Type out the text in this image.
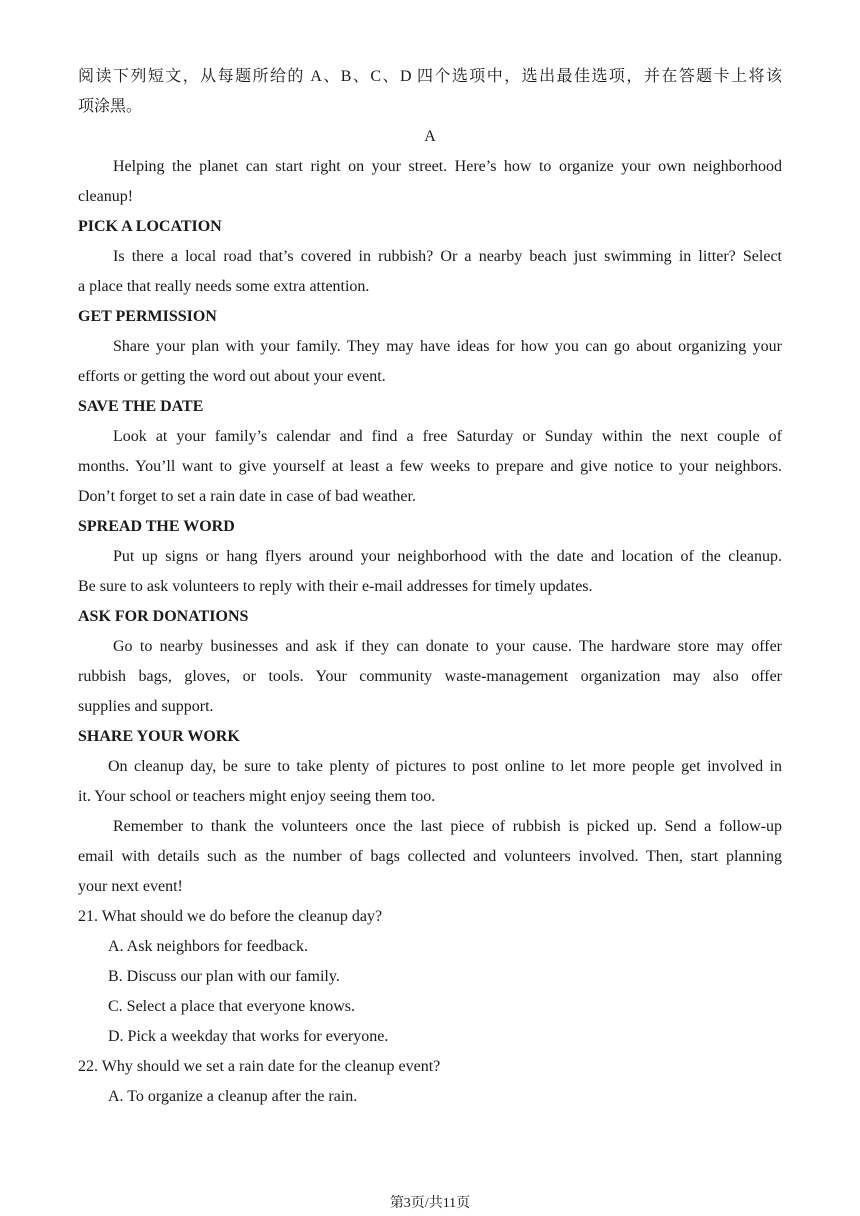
阅读下列短文，从每题所给的 A、B、C、D 四个选项中，选出最佳选项，并在答题卡上将该
项涂黑。
A
Helping the planet can start right on your street. Here’s how to organize your own neighborhood
cleanup!
PICK A LOCATION
Is there a local road that’s covered in rubbish? Or a nearby beach just swimming in litter? Select
a place that really needs some extra attention.
GET PERMISSION
Share your plan with your family. They may have ideas for how you can go about organizing your
efforts or getting the word out about your event.
SAVE THE DATE
Look at your family’s calendar and find a free Saturday or Sunday within the next couple of
months. You’ll want to give yourself at least a few weeks to prepare and give notice to your neighbors.
Don’t forget to set a rain date in case of bad weather.
SPREAD THE WORD
Put up signs or hang flyers around your neighborhood with the date and location of the cleanup.
Be sure to ask volunteers to reply with their e-mail addresses for timely updates.
ASK FOR DONATIONS
Go to nearby businesses and ask if they can donate to your cause. The hardware store may offer
rubbish bags, gloves, or tools. Your community waste-management organization may also offer
supplies and support.
SHARE YOUR WORK
On cleanup day, be sure to take plenty of pictures to post online to let more people get involved in
it. Your school or teachers might enjoy seeing them too.
Remember to thank the volunteers once the last piece of rubbish is picked up. Send a follow-up
email with details such as the number of bags collected and volunteers involved. Then, start planning
your next event!
21. What should we do before the cleanup day?
A. Ask neighbors for feedback.
B. Discuss our plan with our family.
C. Select a place that everyone knows.
D. Pick a weekday that works for everyone.
22. Why should we set a rain date for the cleanup event?
A. To organize a cleanup after the rain.
第3页/共11页
